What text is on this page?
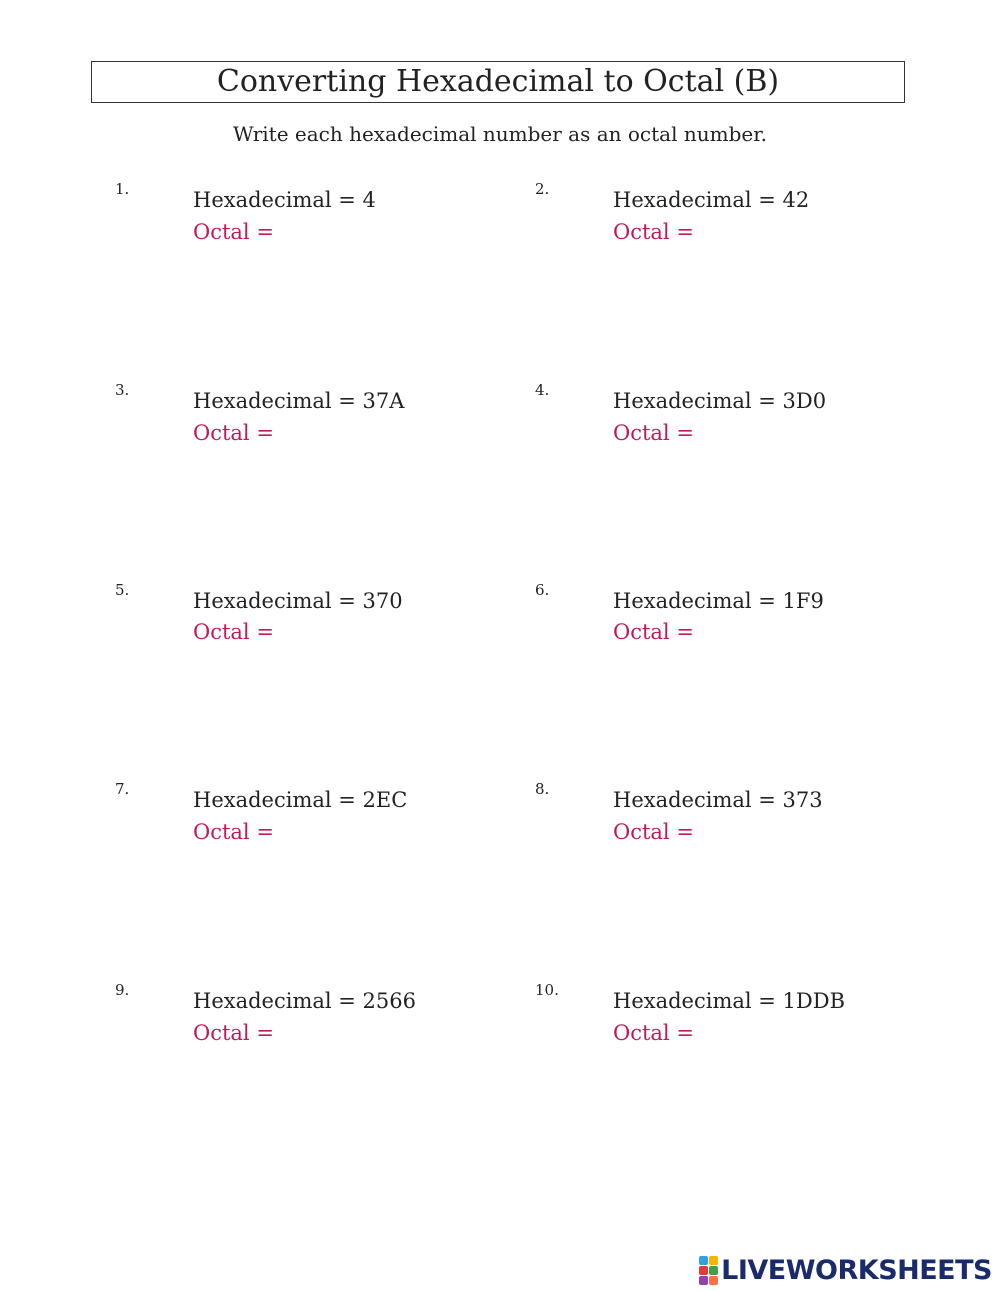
Converting Hexadecimal to Octal (B)
Write each hexadecimal number as an octal number.
1.	Hexadecimal = 4
Octal =
2.	Hexadecimal = 42
Octal =
3.	Hexadecimal = 37A
Octal =
4.	Hexadecimal = 3D0
Octal =
5.	Hexadecimal = 370
Octal =
6.	Hexadecimal = 1F9
Octal =
7.	Hexadecimal = 2EC
Octal =
8.	Hexadecimal = 373
Octal =
9.	Hexadecimal = 2566
Octal =
10.	Hexadecimal = 1DDB
Octal =
LIVEWORKSHEETS
